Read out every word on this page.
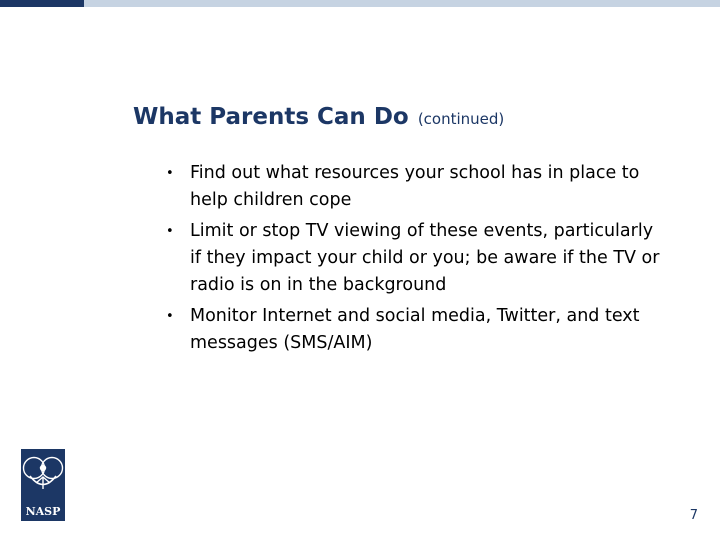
What Parents Can Do (continued)
• Find out what resources your school has in place to help children cope
• Limit or stop TV viewing of these events, particularly if they impact your child or you; be aware if the TV or radio is on in the background
• Monitor Internet and social media, Twitter, and text messages (SMS/AIM)
NASP	7
